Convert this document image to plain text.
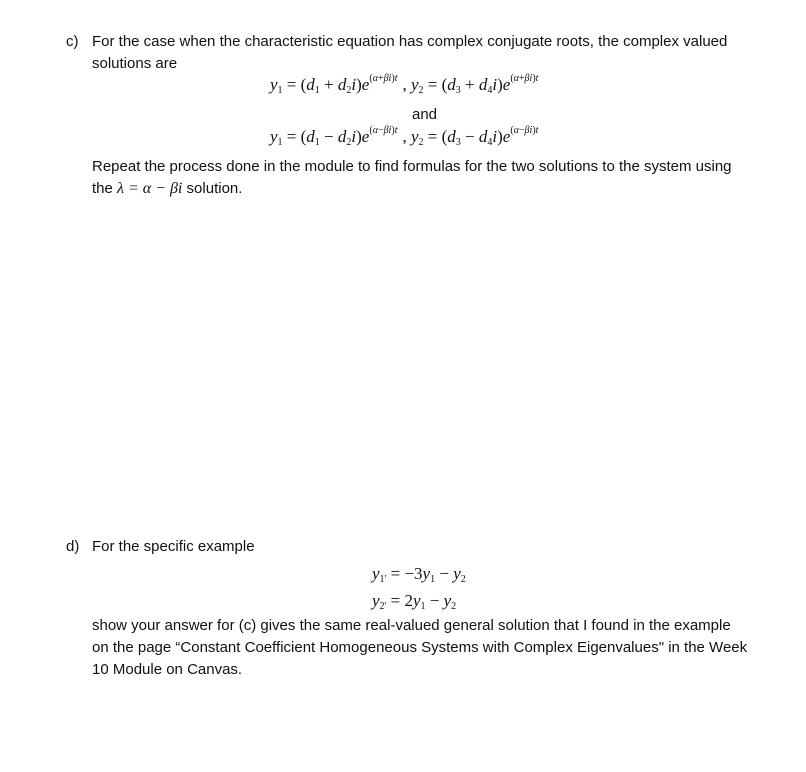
c) For the case when the characteristic equation has complex conjugate roots, the complex valued
solutions are
$y_1 = (d_1 + d_2i)e^{(\alpha+\beta i)t}$ , $y_2 = (d_3 + d_4i)e^{(\alpha+\beta i)t}$
and
$y_1 = (d_1 - d_2i)e^{(\alpha-\beta i)t}$ , $y_2 = (d_3 - d_4i)e^{(\alpha-\beta i)t}$
Repeat the process done in the module to find formulas for the two solutions to the system using
the λ = α − βi solution.
d) For the specific example
$y_{1'} = -3y_1 - y_2$
$y_{2'} = 2y_1 - y_2$
show your answer for (c) gives the same real-valued general solution that I found in the example
on the page “Constant Coefficient Homogeneous Systems with Complex Eigenvalues" in the Week
10 Module on Canvas.
